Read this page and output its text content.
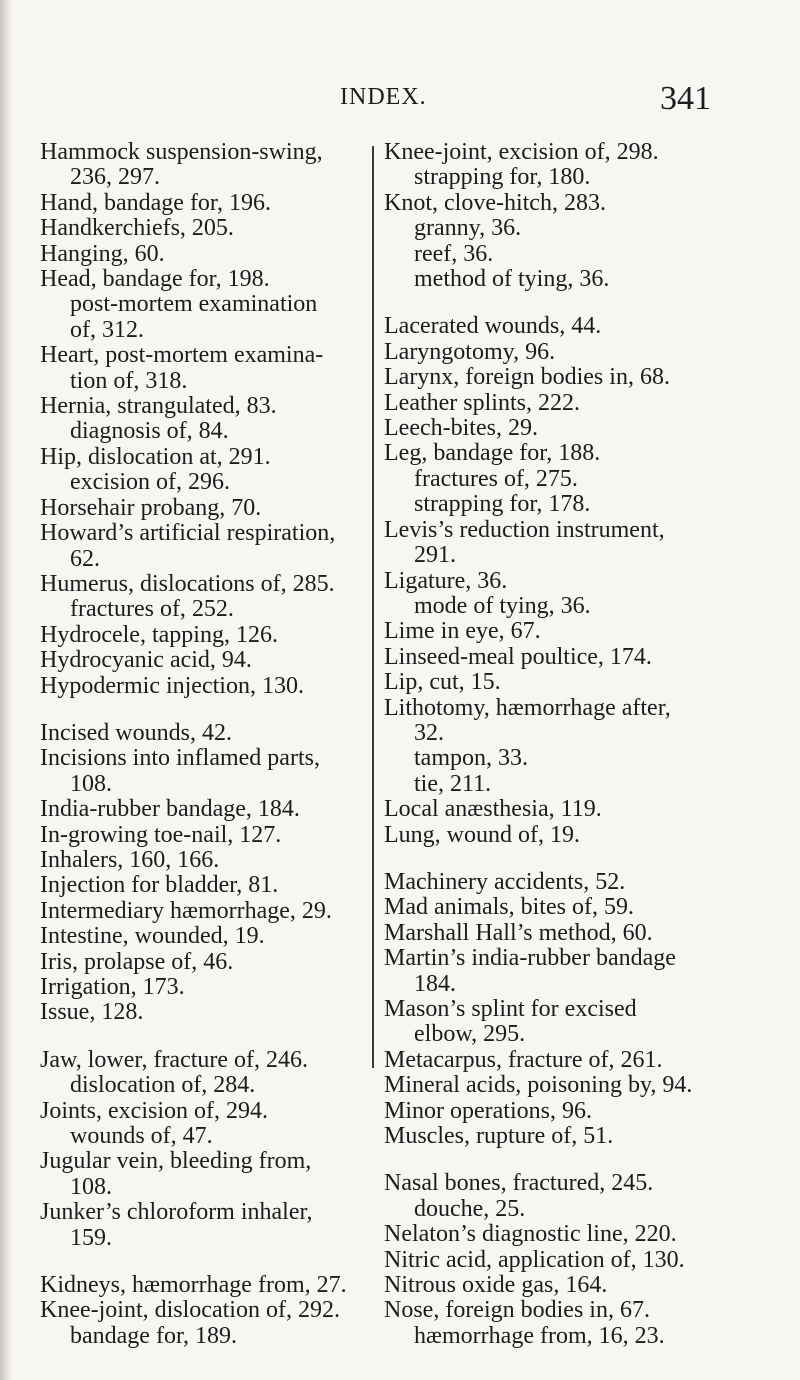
INDEX.	341
Hammock suspension-swing,
236, 297.
Hand, bandage for, 196.
Handkerchiefs, 205.
Hanging, 60.
Head, bandage for, 198.
post-mortem examination
of, 312.
Heart, post-mortem examina-
tion of, 318.
Hernia, strangulated, 83.
diagnosis of, 84.
Hip, dislocation at, 291.
excision of, 296.
Horsehair probang, 70.
Howard’s artificial respiration,
62.
Humerus, dislocations of, 285.
fractures of, 252.
Hydrocele, tapping, 126.
Hydrocyanic acid, 94.
Hypodermic injection, 130.
Incised wounds, 42.
Incisions into inflamed parts,
108.
India-rubber bandage, 184.
In-growing toe-nail, 127.
Inhalers, 160, 166.
Injection for bladder, 81.
Intermediary hæmorrhage, 29.
Intestine, wounded, 19.
Iris, prolapse of, 46.
Irrigation, 173.
Issue, 128.
Jaw, lower, fracture of, 246.
dislocation of, 284.
Joints, excision of, 294.
wounds of, 47.
Jugular vein, bleeding from,
108.
Junker’s chloroform inhaler,
159.
Kidneys, hæmorrhage from, 27.
Knee-joint, dislocation of, 292.
bandage for, 189.
Knee-joint, excision of, 298.
strapping for, 180.
Knot, clove-hitch, 283.
granny, 36.
reef, 36.
method of tying, 36.
Lacerated wounds, 44.
Laryngotomy, 96.
Larynx, foreign bodies in, 68.
Leather splints, 222.
Leech-bites, 29.
Leg, bandage for, 188.
fractures of, 275.
strapping for, 178.
Levis’s reduction instrument,
291.
Ligature, 36.
mode of tying, 36.
Lime in eye, 67.
Linseed-meal poultice, 174.
Lip, cut, 15.
Lithotomy, hæmorrhage after,
32.
tampon, 33.
tie, 211.
Local anæsthesia, 119.
Lung, wound of, 19.
Machinery accidents, 52.
Mad animals, bites of, 59.
Marshall Hall’s method, 60.
Martin’s india-rubber bandage
184.
Mason’s splint for excised
elbow, 295.
Metacarpus, fracture of, 261.
Mineral acids, poisoning by, 94.
Minor operations, 96.
Muscles, rupture of, 51.
Nasal bones, fractured, 245.
douche, 25.
Nelaton’s diagnostic line, 220.
Nitric acid, application of, 130.
Nitrous oxide gas, 164.
Nose, foreign bodies in, 67.
hæmorrhage from, 16, 23.
